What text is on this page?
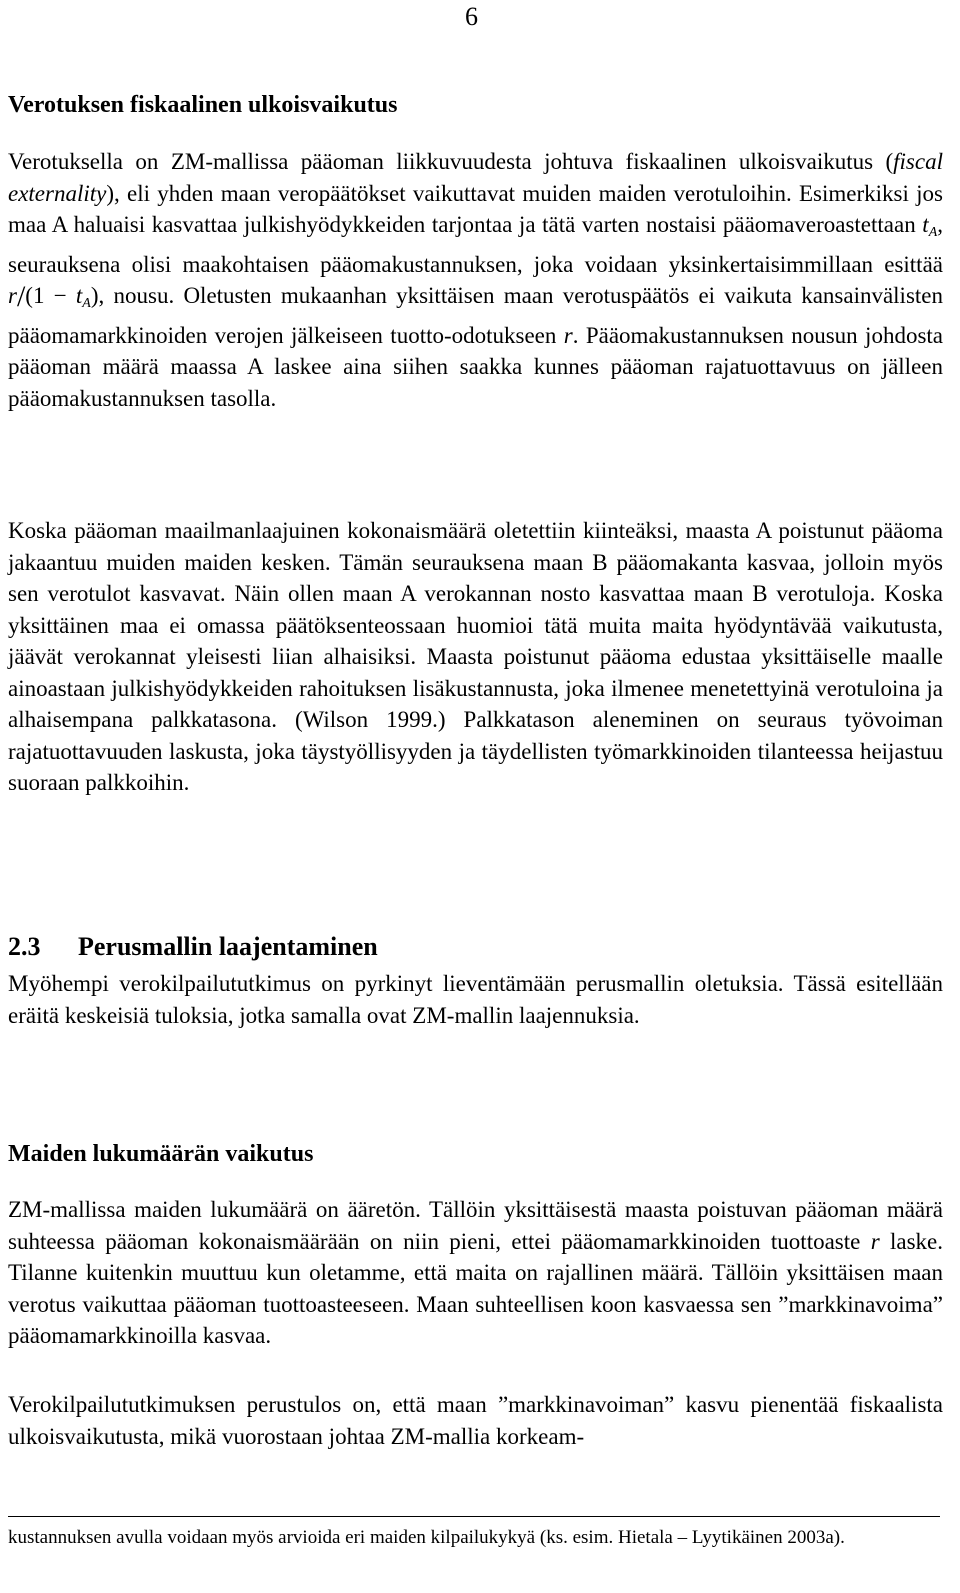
6
Verotuksen fiskaalinen ulkoisvaikutus
Verotuksella on ZM-mallissa pääoman liikkuvuudesta johtuva fiskaalinen ulkoisvaikutus (fiscal externality), eli yhden maan veropäätökset vaikuttavat muiden maiden verotuloihin. Esimerkiksi jos maa A haluaisi kasvattaa julkishyödykkeiden tarjontaa ja tätä varten nostaisi pääomaveroastettaan $t_A$, seurauksena olisi maakohtaisen pääomakustannuksen, joka voidaan yksinkertaisimmillaan esittää $r/(1 - t_A)$, nousu. Oletusten mukaanhan yksittäisen maan verotuspäätös ei vaikuta kansainvälisten pääomamarkkinoiden verojen jälkeiseen tuotto-odotukseen r. Pääomakustannuksen nousun johdosta pääoman määrä maassa A laskee aina siihen saakka kunnes pääoman rajatuottavuus on jälleen pääomakustannuksen tasolla.
Koska pääoman maailmanlaajuinen kokonaismäärä oletettiin kiinteäksi, maasta A poistunut pääoma jakaantuu muiden maiden kesken. Tämän seurauksena maan B pääomakanta kasvaa, jolloin myös sen verotulot kasvavat. Näin ollen maan A verokannan nosto kasvattaa maan B verotuloja. Koska yksittäinen maa ei omassa päätöksenteossaan huomioi tätä muita maita hyödyntävää vaikutusta, jäävät verokannat yleisesti liian alhaisiksi. Maasta poistunut pääoma edustaa yksittäiselle maalle ainoastaan julkishyödykkeiden rahoituksen lisäkustannusta, joka ilmenee menetettyinä verotuloina ja alhaisempana palkkatasona. (Wilson 1999.) Palkkatason aleneminen on seuraus työvoiman rajatuottavuuden laskusta, joka täystyöllisyyden ja täydellisten työmarkkinoiden tilanteessa heijastuu suoraan palkkoihin.
2.3 Perusmallin laajentaminen
Myöhempi verokilpailututkimus on pyrkinyt lieventämään perusmallin oletuksia. Tässä esitellään eräitä keskeisiä tuloksia, jotka samalla ovat ZM-mallin laajennuksia.
Maiden lukumäärän vaikutus
ZM-mallissa maiden lukumäärä on ääretön. Tällöin yksittäisestä maasta poistuvan pääoman määrä suhteessa pääoman kokonaismäärään on niin pieni, ettei pääomamarkkinoiden tuottoaste r laske. Tilanne kuitenkin muuttuu kun oletamme, että maita on rajallinen määrä. Tällöin yksittäisen maan verotus vaikuttaa pääoman tuottoasteeseen. Maan suhteellisen koon kasvaessa sen ”markkinavoima” pääomamarkkinoilla kasvaa.
Verokilpailututkimuksen perustulos on, että maan ”markkinavoiman” kasvu pienentää fiskaalista ulkoisvaikutusta, mikä vuorostaan johtaa ZM-mallia korkeam-
kustannuksen avulla voidaan myös arvioida eri maiden kilpailukykyä (ks. esim. Hietala – Lyytikäinen 2003a).
